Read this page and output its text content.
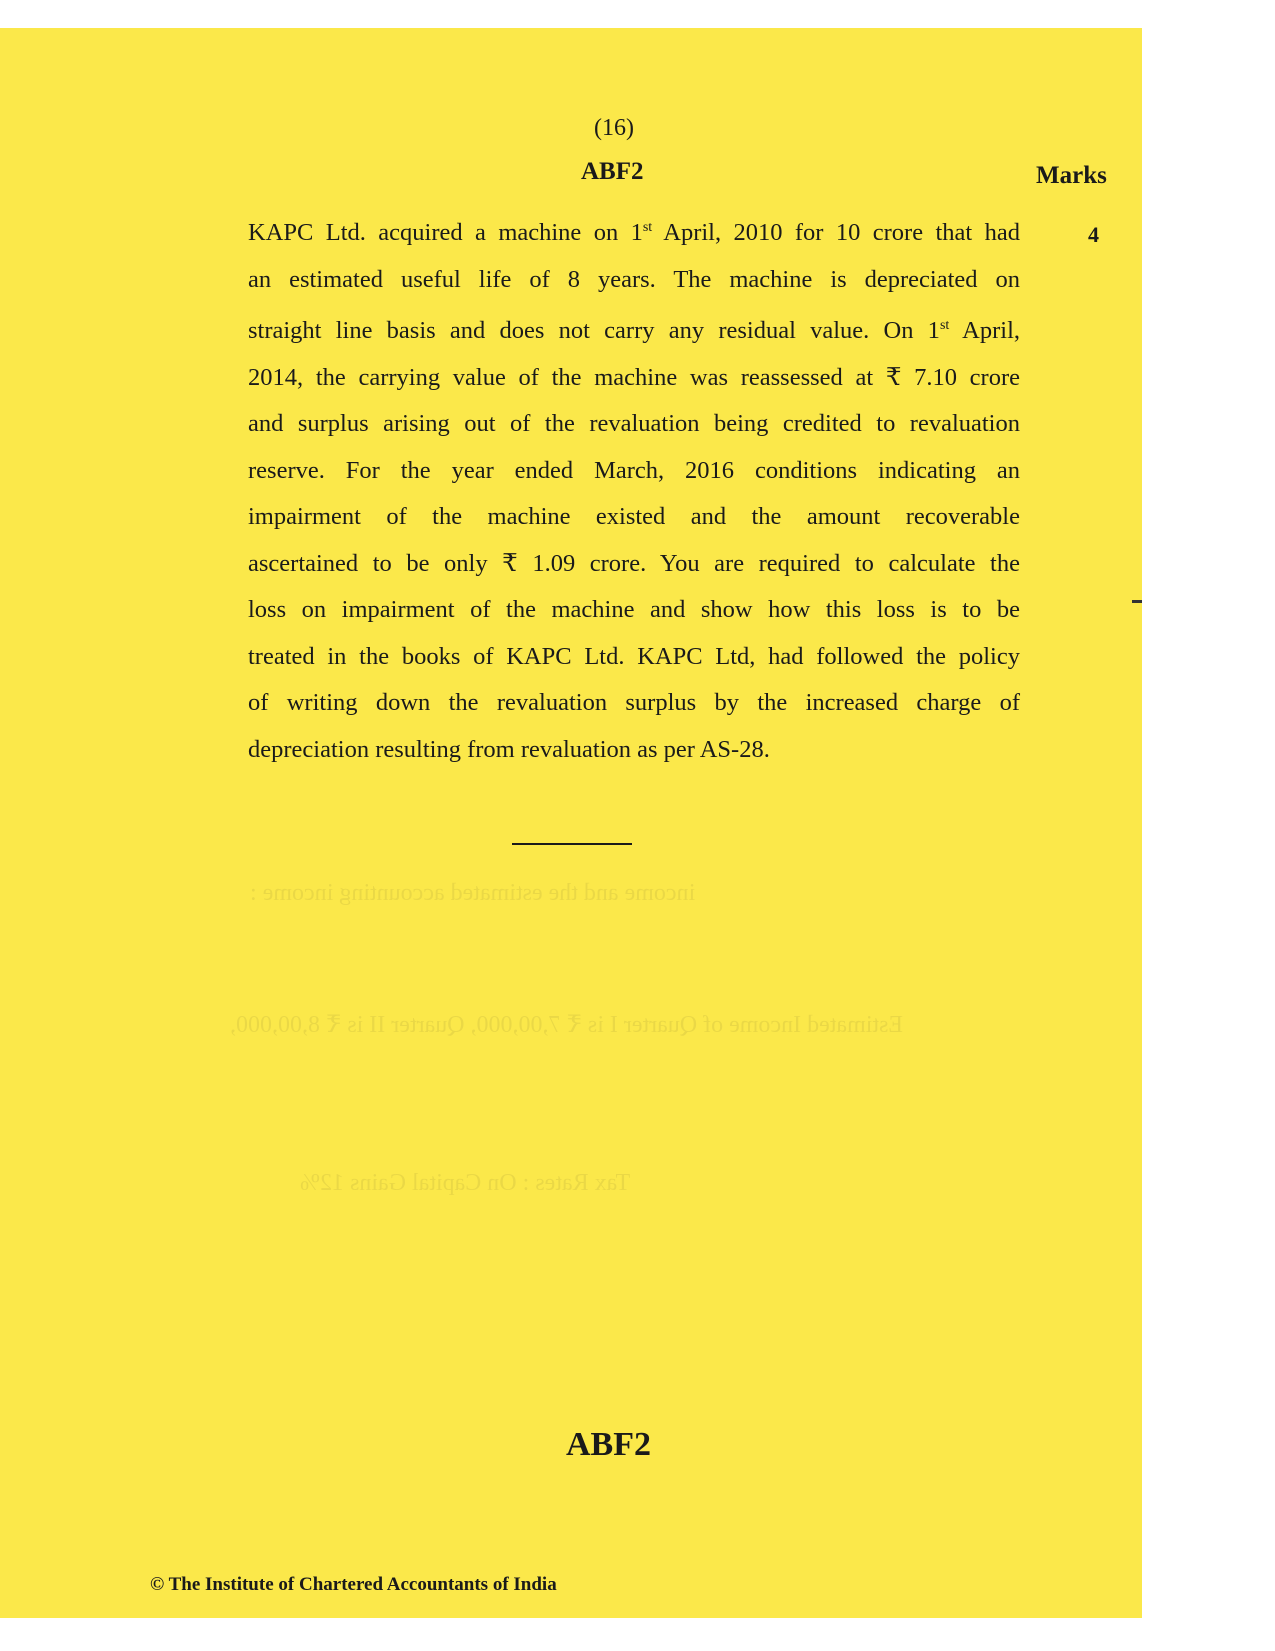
income and the estimated accounting income :
Estimated Income of Quarter I is ₹ 7,00,000, Quarter II is ₹ 8,00,000,
Tax Rates : On Capital Gains 12%
(16)
ABF2	Marks
4
KAPC Ltd. acquired a machine on 1st April, 2010 for 10 crore that had
an estimated useful life of 8 years. The machine is depreciated on
straight line basis and does not carry any residual value. On 1st April,
2014, the carrying value of the machine was reassessed at ₹ 7.10 crore
and surplus arising out of the revaluation being credited to revaluation
reserve. For the year ended March, 2016 conditions indicating an
impairment of the machine existed and the amount recoverable
ascertained to be only ₹ 1.09 crore. You are required to calculate the
loss on impairment of the machine and show how this loss is to be
treated in the books of KAPC Ltd. KAPC Ltd, had followed the policy
of writing down the revaluation surplus by the increased charge of
depreciation resulting from revaluation as per AS-28.
ABF2
© The Institute of Chartered Accountants of India
